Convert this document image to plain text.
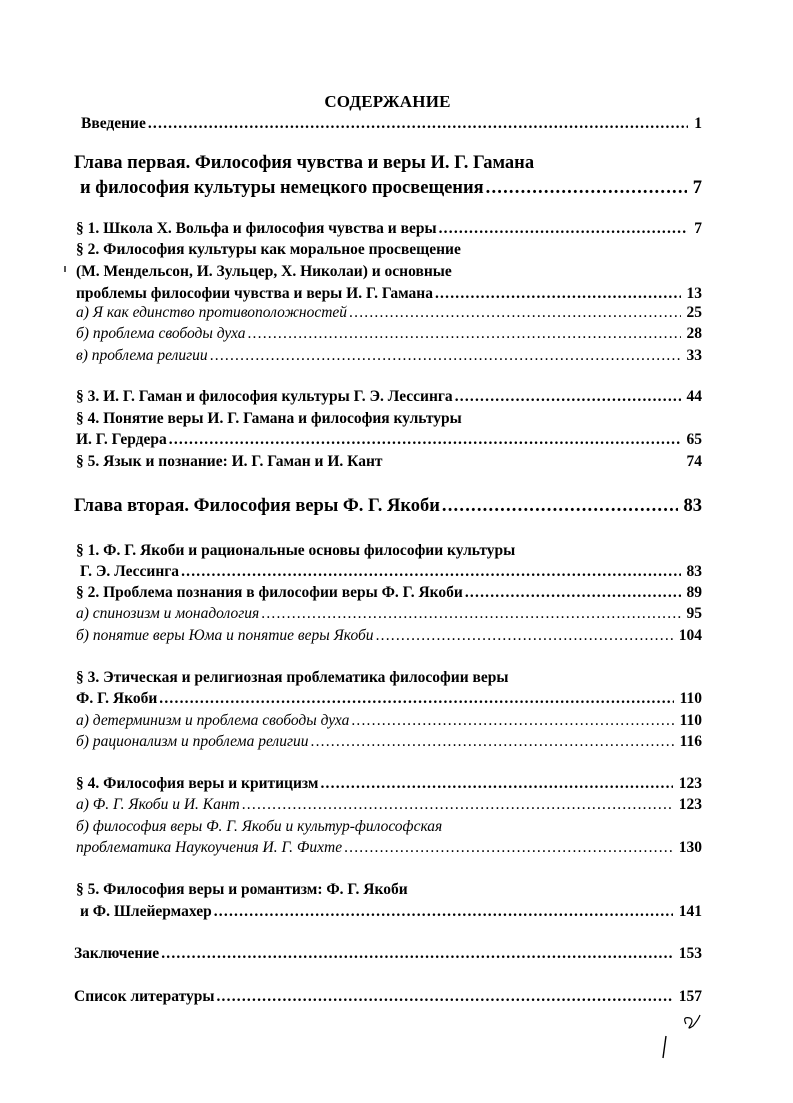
СОДЕРЖАНИЕ
Введение .....	1
Глава первая. Философия чувства и веры И. Г. Гамана
и философия культуры немецкого просвещения .....	7
§ 1. Школа X. Вольфа и философия чувства и веры .....	7
§ 2. Философия культуры как моральное просвещение
(М. Мендельсон, И. Зульцер, X. Николаи) и основные
проблемы философии чувства и веры И. Г. Гамана .....	13
а) Я как единство противоположностей .....	25
б) проблема свободы духа .....	28
в) проблема религии .....	33
§ 3. И. Г. Гаман и философия культуры Г. Э. Лессинга .....	44
§ 4. Понятие веры И. Г. Гамана и философия культуры
И. Г. Гердера .....	65
§ 5. Язык и познание: И. Г. Гаман и И. Кант	74
Глава вторая. Философия веры Ф. Г. Якоби .....	83
§ 1. Ф. Г. Якоби и рациональные основы философии культуры
Г. Э. Лессинга .....	83
§ 2. Проблема познания в философии веры Ф. Г. Якоби .....	89
а) спинозизм и монадология .....	95
б) понятие веры Юма и понятие веры Якоби .....	104
§ 3. Этическая и религиозная проблематика философии веры
Ф. Г. Якоби .....	110
а) детерминизм и проблема свободы духа .....	110
б) рационализм и проблема религии .....	116
§ 4. Философия веры и критицизм .....	123
а) Ф. Г. Якоби и И. Кант .....	123
б) философия веры Ф. Г. Якоби и культур-философская
проблематика Наукоучения И. Г. Фихте .....	130
§ 5. Философия веры и романтизм: Ф. Г. Якоби
и Ф. Шлейермахер .....	141
Заключение .....	153
Список литературы .....	157
